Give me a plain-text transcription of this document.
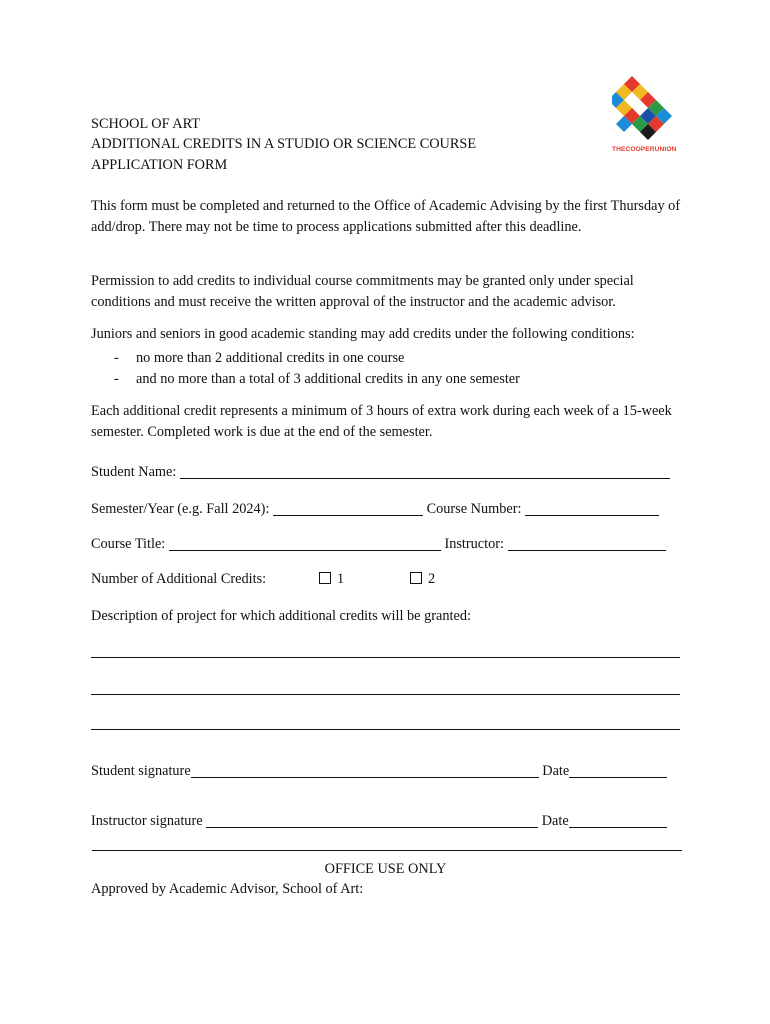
THECOOPERUNION
SCHOOL OF ART
ADDITIONAL CREDITS IN A STUDIO OR SCIENCE COURSE
APPLICATION FORM
This form must be completed and returned to the Office of Academic Advising by the first Thursday of add/drop. There may not be time to process applications submitted after this deadline.
Permission to add credits to individual course commitments may be granted only under special conditions and must receive the written approval of the instructor and the academic advisor.
Juniors and seniors in good academic standing may add credits under the following conditions:
- no more than 2 additional credits in one course
- and no more than a total of 3 additional credits in any one semester
Each additional credit represents a minimum of 3 hours of extra work during each week of a 15-week semester. Completed work is due at the end of the semester.
Student Name:
Semester/Year (e.g. Fall 2024):	Course Number:
Course Title:	Instructor:
Number of Additional Credits:	1	2
Description of project for which additional credits will be granted:
Student signature	Date
Instructor signature	Date
OFFICE USE ONLY
Approved by Academic Advisor, School of Art:
